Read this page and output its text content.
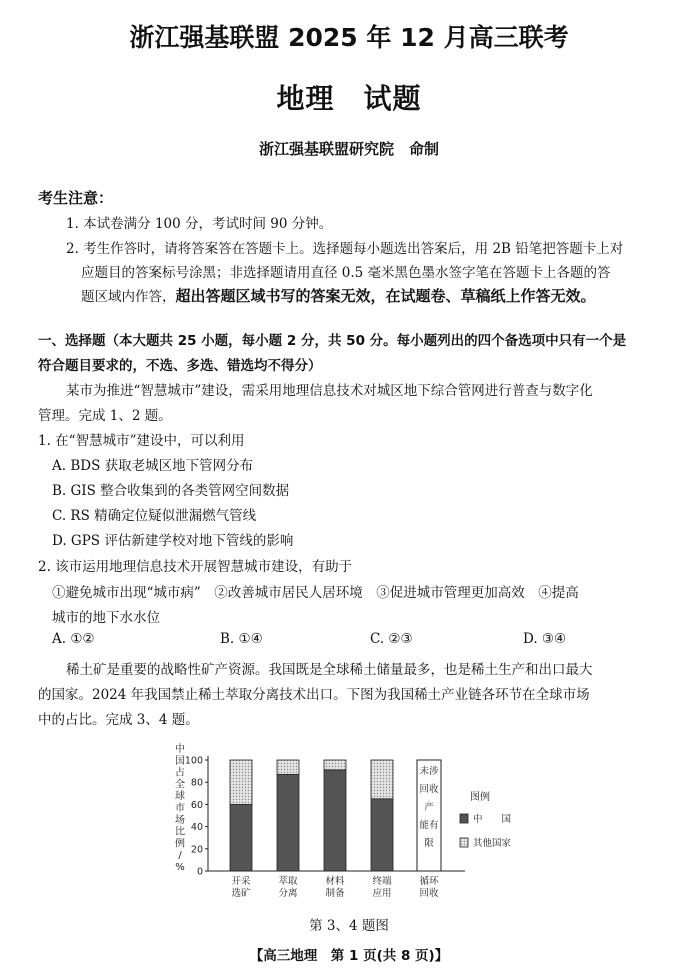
浙江强基联盟 2025 年 12 月高三联考
地理　试题
浙江强基联盟研究院　命制
考生注意：
1. 本试卷满分 100 分，考试时间 90 分钟。
2. 考生作答时，请将答案答在答题卡上。选择题每小题选出答案后，用 2B 铅笔把答题卡上对
应题目的答案标号涂黑；非选择题请用直径 0.5 毫米黑色墨水签字笔在答题卡上各题的答
题区域内作答，超出答题区域书写的答案无效，在试题卷、草稿纸上作答无效。
一、选择题（本大题共 25 小题，每小题 2 分，共 50 分。每小题列出的四个备选项中只有一个是
符合题目要求的，不选、多选、错选均不得分）
某市为推进“智慧城市”建设，需采用地理信息技术对城区地下综合管网进行普查与数字化
管理。完成 1、2 题。
1. 在“智慧城市”建设中，可以利用
A. BDS 获取老城区地下管网分布
B. GIS 整合收集到的各类管网空间数据
C. RS 精确定位疑似泄漏燃气管线
D. GPS 评估新建学校对地下管线的影响
2. 该市运用地理信息技术开展智慧城市建设，有助于
①避免城市出现“城市病”　②改善城市居民人居环境　③促进城市管理更加高效　④提高
城市的地下水水位
A. ①②	B. ①④	C. ②③	D. ③④
稀土矿是重要的战略性矿产资源。我国既是全球稀土储量最多，也是稀土生产和出口最大
的国家。2024 年我国禁止稀土萃取分离技术出口。下图为我国稀土产业链各环节在全球市场
中的占比。完成 3、4 题。
中
国
占
全
球
市
场
比
例
/
% 0
20
40
60
80
100
开采
选矿
萃取
分离
材料
制备
终端
应用
循环
回收
未涉
回收
产
能有
限
图例
中　　国
其他国家
第 3、4 题图
【高三地理　第 1 页(共 8 页)】
